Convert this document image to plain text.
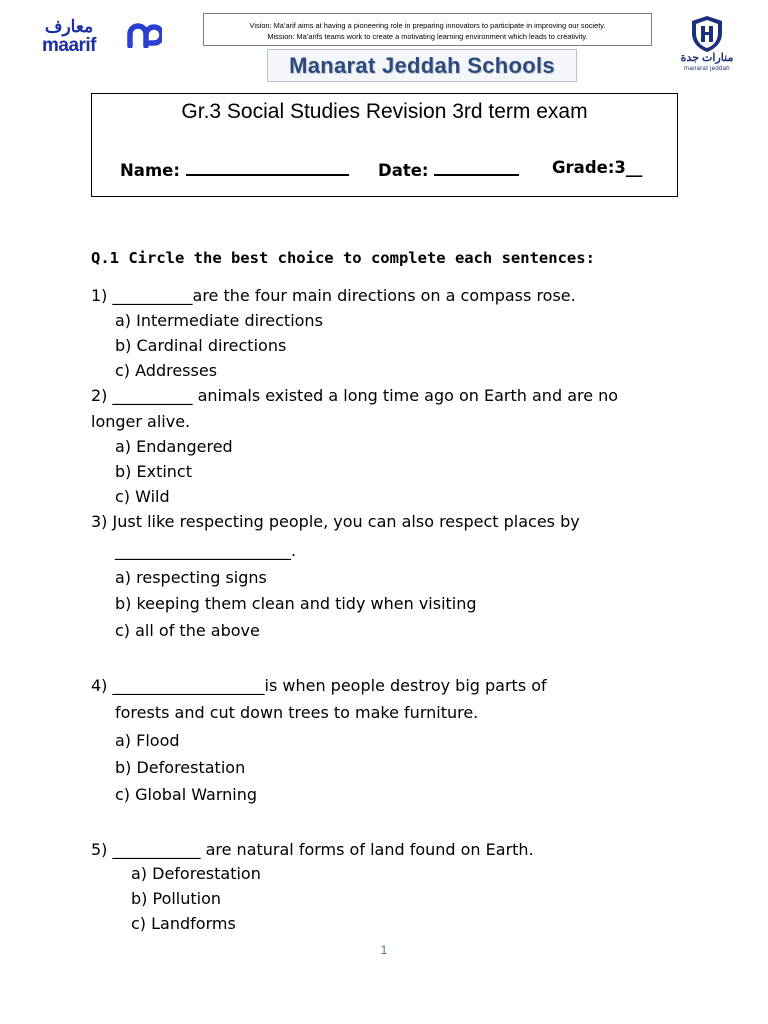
معارف
maarif
Vision: Ma’arif aims at having a pioneering role in preparing innovators to participate in improving our society.
Mission: Ma’arifs teams work to create a motivating learning environment which leads to creativity.
Manarat Jeddah Schools	منارات جدة
manarat jeddah
Gr.3 Social Studies Revision 3rd term exam
Name:	Date:	Grade:3__
Q.1 Circle the best choice to complete each sentences:
1) __________are the four main directions on a compass rose.
a) Intermediate directions
b) Cardinal directions
c) Addresses
2) __________ animals existed a long time ago on Earth and are no
longer alive.
a) Endangered
b) Extinct
c) Wild
3) Just like respecting people, you can also respect places by
______________________.
a) respecting signs
b) keeping them clean and tidy when visiting
c) all of the above
4) ___________________is when people destroy big parts of
forests and cut down trees to make furniture.
a) Flood
b) Deforestation
c) Global Warning
5) ___________ are natural forms of land found on Earth.
a) Deforestation
b) Pollution
c) Landforms
1
